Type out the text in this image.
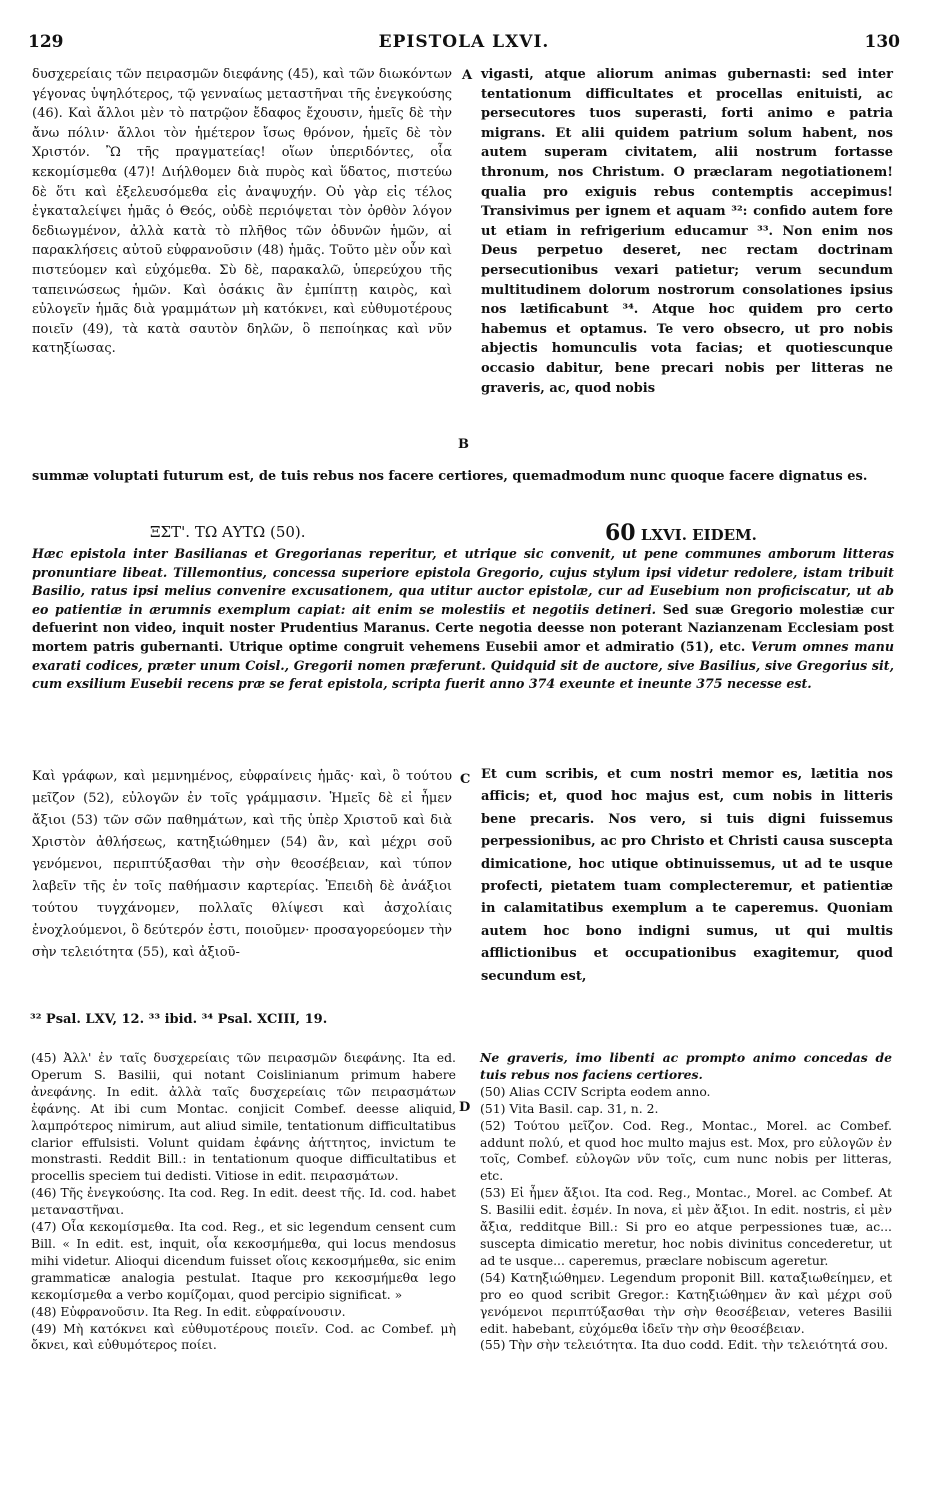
129	EPISTOLA LXVI.	130
δυσχερείαις τῶν πειρασμῶν διεφάνης (45), καὶ τῶν διωκόντων γέγονας ὑψηλότερος, τῷ γενναίως μεταστῆναι τῆς ἐνεγκούσης (46). Καὶ ἄλλοι μὲν τὸ πατρῷον ἔδαφος ἔχουσιν, ἡμεῖς δὲ τὴν ἄνω πόλιν· ἄλλοι τὸν ἡμέτερον ἴσως θρόνον, ἡμεῖς δὲ τὸν Χριστόν. Ὢ τῆς πραγματείας! οἵων ὑπεριδόντες, οἷα κεκομίσμεθα (47)! Διήλθομεν διὰ πυρὸς καὶ ὕδατος, πιστεύω δὲ ὅτι καὶ ἐξελευσόμεθα εἰς ἀναψυχήν. Οὐ γὰρ εἰς τέλος ἐγκαταλείψει ἡμᾶς ὁ Θεός, οὐδὲ περιόψεται τὸν ὀρθὸν λόγον δεδιωγμένον, ἀλλὰ κατὰ τὸ πλῆθος τῶν ὀδυνῶν ἡμῶν, αἱ παρακλήσεις αὐτοῦ εὐφρανοῦσιν (48) ἡμᾶς. Τοῦτο μὲν οὖν καὶ πιστεύομεν καὶ εὐχόμεθα. Σὺ δὲ, παρακαλῶ, ὑπερεύχου τῆς ταπεινώσεως ἡμῶν. Καὶ ὁσάκις ἂν ἐμπίπτῃ καιρὸς, καὶ εὐλογεῖν ἡμᾶς διὰ γραμμάτων μὴ κατόκνει, καὶ εὐθυμοτέρους ποιεῖν (49), τὰ κατὰ σαυτὸν δηλῶν, ὃ πεποίηκας καὶ νῦν κατηξίωσας.
A
B
vigasti, atque aliorum animas gubernasti: sed inter tentationum difficultates et procellas enituisti, ac persecutores tuos superasti, forti animo e patria migrans. Et alii quidem patrium solum habent, nos autem superam civitatem, alii nostrum fortasse thronum, nos Christum. O præclaram negotiationem! qualia pro exiguis rebus contemptis accepimus! Transivimus per ignem et aquam ³²: confido autem fore ut etiam in refrigerium educamur ³³. Non enim nos Deus perpetuo deseret, nec rectam doctrinam persecutionibus vexari patietur; verum secundum multitudinem dolorum nostrorum consolationes ipsius nos lætificabunt ³⁴. Atque hoc quidem pro certo habemus et optamus. Te vero obsecro, ut pro nobis abjectis homunculis vota facias; et quotiescunque occasio dabitur, bene precari nobis per litteras ne graveris, ac, quod nobis
summæ voluptati futurum est, de tuis rebus nos facere certiores, quemadmodum nunc quoque facere dignatus es.
ΞΣΤ'. ΤΩ ΑΥΤΩ (50).	60 LXVI. EIDEM.
Hæc epistola inter Basilianas et Gregorianas reperitur, et utrique sic convenit, ut pene communes amborum litteras pronuntiare libeat. Tillemontius, concessa superiore epistola Gregorio, cujus stylum ipsi videtur redolere, istam tribuit Basilio, ratus ipsi melius convenire excusationem, qua utitur auctor epistolæ, cur ad Eusebium non proficiscatur, ut ab eo patientiæ in ærumnis exemplum capiat: ait enim se molestiis et negotiis detineri. Sed suæ Gregorio molestiæ cur defuerint non video, inquit noster Prudentius Maranus. Certe negotia deesse non poterant Nazianzenam Ecclesiam post mortem patris gubernanti. Utrique optime congruit vehemens Eusebii amor et admiratio (51), etc. Verum omnes manu exarati codices, præter unum Coisl., Gregorii nomen præferunt. Quidquid sit de auctore, sive Basilius, sive Gregorius sit, cum exsilium Eusebii recens præ se ferat epistola, scripta fuerit anno 374 exeunte et ineunte 375 necesse est.
Καὶ γράφων, καὶ μεμνημένος, εὐφραίνεις ἡμᾶς· καὶ, ὃ τούτου μεῖζον (52), εὐλογῶν ἐν τοῖς γράμμασιν. Ἡμεῖς δὲ εἰ ἦμεν ἄξιοι (53) τῶν σῶν παθημάτων, καὶ τῆς ὑπὲρ Χριστοῦ καὶ διὰ Χριστὸν ἀθλήσεως, κατηξιώθημεν (54) ἂν, καὶ μέχρι σοῦ γενόμενοι, περιπτύξασθαι τὴν σὴν θεοσέβειαν, καὶ τύπον λαβεῖν τῆς ἐν τοῖς παθήμασιν καρτερίας. Ἐπειδὴ δὲ ἀνάξιοι τούτου τυγχάνομεν, πολλαῖς θλίψεσι καὶ ἀσχολίαις ἐνοχλούμενοι, ὃ δεύτερόν ἐστι, ποιοῦμεν· προσαγορεύομεν τὴν σὴν τελειότητα (55), καὶ ἀξιοῦ-
C Et cum scribis, et cum nostri memor es, lætitia nos afficis; et, quod hoc majus est, cum nobis in litteris bene precaris. Nos vero, si tuis digni fuissemus perpessionibus, ac pro Christo et Christi causa suscepta dimicatione, hoc utique obtinuissemus, ut ad te usque profecti, pietatem tuam complecteremur, et patientiæ in calamitatibus exemplum a te caperemus. Quoniam autem hoc bono indigni sumus, ut qui multis afflictionibus et occupationibus exagitemur, quod secundum est,
³² Psal. LXV, 12. ³³ ibid. ³⁴ Psal. XCIII, 19.

(45) Ἀλλ' ἐν ταῖς δυσχερείαις τῶν πειρασμῶν διεφάνης. Ita ed. Operum S. Basilii, qui notant Coislinianum primum habere ἀνεφάνης. In edit. ἀλλὰ ταῖς δυσχερείαις τῶν πειρασμάτων ἐφάνης. At ibi cum Montac. conjicit Combef. deesse aliquid, λαμπρότερος nimirum, aut aliud simile, tentationum difficultatibus clarior effulsisti. Volunt quidam ἐφάνης ἀήττητος, invictum te monstrasti. Reddit Bill.: in tentationum quoque difficultatibus et procellis speciem tui dedisti. Vitiose in edit. πειρασμάτων.

(46) Τῆς ἐνεγκούσης. Ita cod. Reg. In edit. deest τῆς. Id. cod. habet μεταναστῆναι.

(47) Οἷα κεκομίσμεθα. Ita cod. Reg., et sic legendum censent cum Bill. « In edit. est, inquit, οἷα κεκοσμήμεθα, qui locus mendosus mihi videtur. Alioqui dicendum fuisset οἵοις κεκοσμήμεθα, sic enim grammaticæ analogia pestulat. Itaque pro κεκοσμήμεθα lego κεκομίσμεθα a verbo κομίζομαι, quod percipio significat. »

(48) Εὐφρανοῦσιν. Ita Reg. In edit. εὐφραίνουσιν.

(49) Μὴ κατόκνει καὶ εὐθυμοτέρους ποιεῖν. Cod. ac Combef. μὴ ὄκνει, καὶ εὐθυμότερος ποίει.

D

Ne graveris, imo libenti ac prompto animo concedas de tuis rebus nos faciens certiores.

(50) Alias CCIV Scripta eodem anno.

(51) Vita Basil. cap. 31, n. 2.

(52) Τούτου μεῖζον. Cod. Reg., Montac., Morel. ac Combef. addunt πολύ, et quod hoc multo majus est. Mox, pro εὐλογῶν ἐν τοῖς, Combef. εὐλογῶν νῦν τοῖς, cum nunc nobis per litteras, etc.

(53) Εἰ ἦμεν ἄξιοι. Ita cod. Reg., Montac., Morel. ac Combef. At S. Basilii edit. ἐσμέν. In nova, εἰ μὲν ἄξιοι. In edit. nostris, εἰ μὲν ἄξια, redditque Bill.: Si pro eo atque perpessiones tuæ, ac... suscepta dimicatio meretur, hoc nobis divinitus concederetur, ut ad te usque... caperemus, præclare nobiscum ageretur.

(54) Κατηξιώθημεν. Legendum proponit Bill. καταξιωθείημεν, et pro eo quod scribit Gregor.: Κατηξιώθημεν ἂν καὶ μέχρι σοῦ γενόμενοι περιπτύξασθαι τὴν σὴν θεοσέβειαν, veteres Basilii edit. habebant, εὐχόμεθα ἰδεῖν τὴν σὴν θεοσέβειαν.

(55) Τὴν σὴν τελειότητα. Ita duo codd. Edit. τὴν τελειότητά σου.
